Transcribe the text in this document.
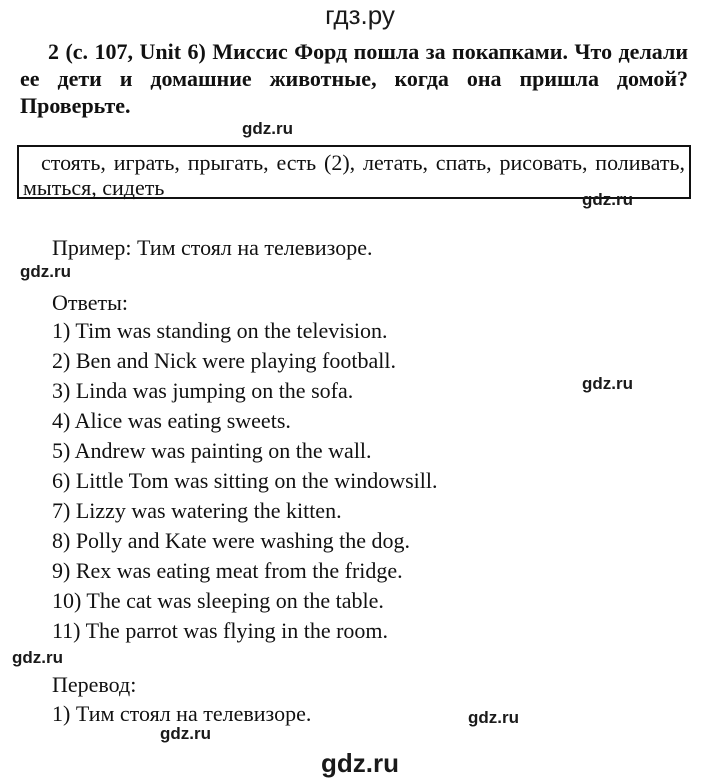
гдз.ру
2 (с. 107, Unit 6) Миссис Форд пошла за покапками. Что делали ее дети и домашние животные, когда она пришла домой? Проверьте.
gdz.ru
стоять, играть, прыгать, есть (2), летать, спать, рисовать, поливать, мыться, сидеть	gdz.ru
Пример: Тим стоял на телевизоре.
gdz.ru
Ответы:
1) Tim was standing on the television.
2) Ben and Nick were playing football.
3) Linda was jumping on the sofa.
4) Alice was eating sweets.
5) Andrew was painting on the wall.
6) Little Tom was sitting on the windowsill.
7) Lizzy was watering the kitten.
8) Polly and Kate were washing the dog.
9) Rex was eating meat from the fridge.
10) The cat was sleeping on the table.
11) The parrot was flying in the room.
gdz.ru
gdz.ru
Перевод:
1) Тим стоял на телевизоре.	gdz.ru
gdz.ru
gdz.ru
